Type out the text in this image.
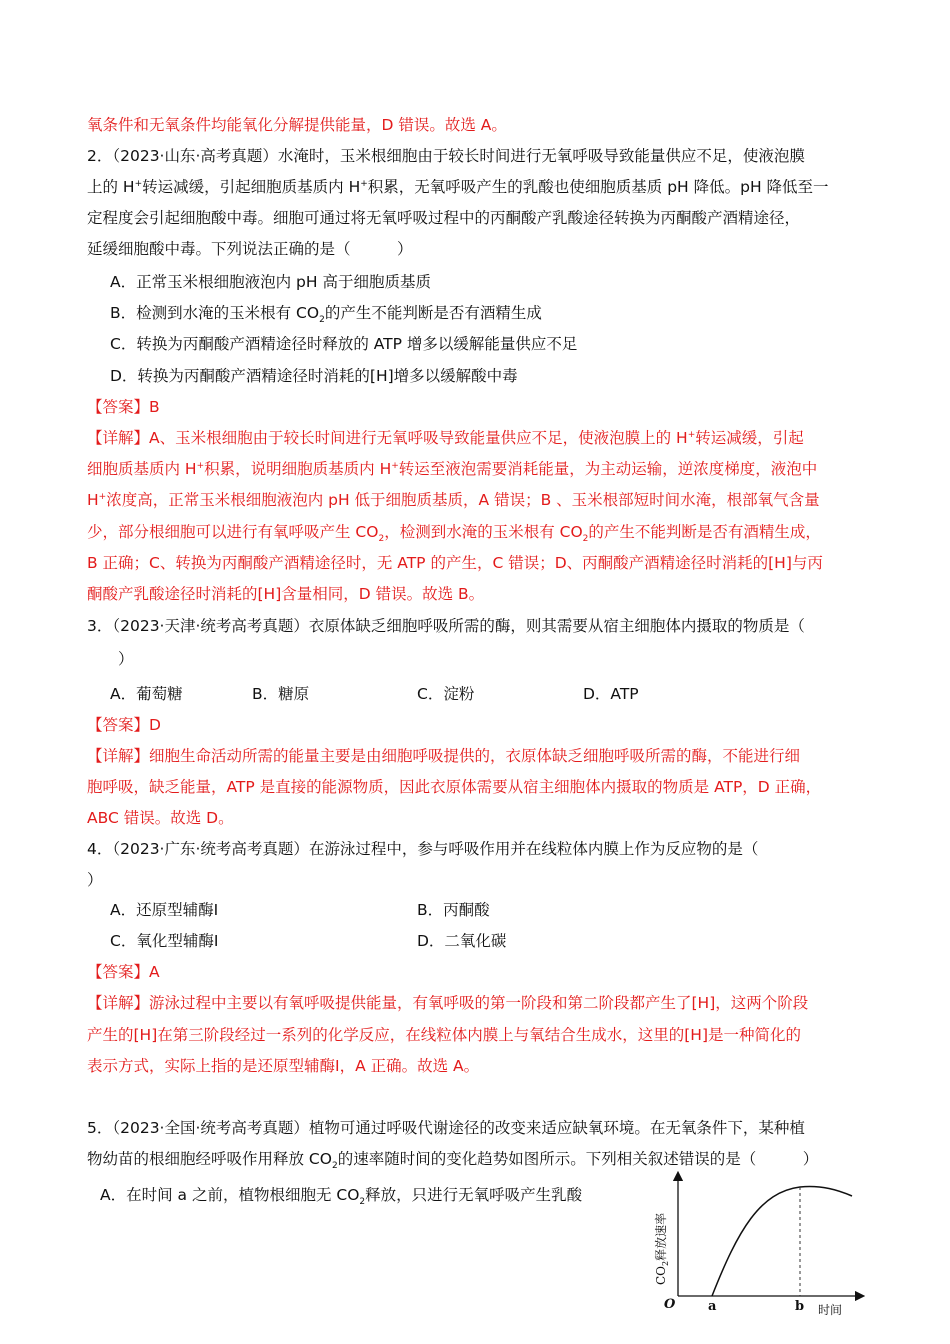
氧条件和无氧条件均能氧化分解提供能量，D 错误。故选 A。
2．（2023·山东·高考真题）水淹时，玉米根细胞由于较长时间进行无氧呼吸导致能量供应不足，使液泡膜
上的 H+转运减缓，引起细胞质基质内 H+积累，无氧呼吸产生的乳酸也使细胞质基质 pH 降低。pH 降低至一
定程度会引起细胞酸中毒。细胞可通过将无氧呼吸过程中的丙酮酸产乳酸途径转换为丙酮酸产酒精途径，
延缓细胞酸中毒。下列说法正确的是（　　　）
A．正常玉米根细胞液泡内 pH 高于细胞质基质
B．检测到水淹的玉米根有 $CO_2$的产生不能判断是否有酒精生成
C．转换为丙酮酸产酒精途径时释放的 ATP 增多以缓解能量供应不足
D．转换为丙酮酸产酒精途径时消耗的[H]增多以缓解酸中毒
【答案】B
【详解】A、玉米根细胞由于较长时间进行无氧呼吸导致能量供应不足，使液泡膜上的 H+转运减缓，引起
细胞质基质内 H+积累，说明细胞质基质内 H+转运至液泡需要消耗能量，为主动运输，逆浓度梯度，液泡中
H+浓度高，正常玉米根细胞液泡内 pH 低于细胞质基质，A 错误；B 、玉米根部短时间水淹，根部氧气含量
少，部分根细胞可以进行有氧呼吸产生 $CO_2$，检测到水淹的玉米根有 $CO_2$的产生不能判断是否有酒精生成，
B 正确；C、转换为丙酮酸产酒精途径时，无 ATP 的产生，C 错误；D、丙酮酸产酒精途径时消耗的[H]与丙
酮酸产乳酸途径时消耗的[H]含量相同，D 错误。故选 B。
3．（2023·天津·统考高考真题）衣原体缺乏细胞呼吸所需的酶，则其需要从宿主细胞体内摄取的物质是（
　　）
A．葡萄糖	B．糖原	C．淀粉	D．ATP
【答案】D
【详解】细胞生命活动所需的能量主要是由细胞呼吸提供的，衣原体缺乏细胞呼吸所需的酶，不能进行细
胞呼吸，缺乏能量，ATP 是直接的能源物质，因此衣原体需要从宿主细胞体内摄取的物质是 ATP，D 正确，
ABC 错误。故选 D。
4．（2023·广东·统考高考真题）在游泳过程中，参与呼吸作用并在线粒体内膜上作为反应物的是（
）
A．还原型辅酶Ⅰ	B．丙酮酸
C．氧化型辅酶Ⅰ	D．二氧化碳
【答案】A
【详解】游泳过程中主要以有氧呼吸提供能量，有氧呼吸的第一阶段和第二阶段都产生了[H]，这两个阶段
产生的[H]在第三阶段经过一系列的化学反应，在线粒体内膜上与氧结合生成水，这里的[H]是一种简化的
表示方式，实际上指的是还原型辅酶Ⅰ，A 正确。故选 A。
5．（2023·全国·统考高考真题）植物可通过呼吸代谢途径的改变来适应缺氧环境。在无氧条件下，某种植
物幼苗的根细胞经呼吸作用释放 $CO_2$的速率随时间的变化趋势如图所示。下列相关叙述错误的是（　　　）
A．在时间 a 之前，植物根细胞无 $CO_2$释放，只进行无氧呼吸产生乳酸
$CO_2$释放速率
O	a	b 时间
